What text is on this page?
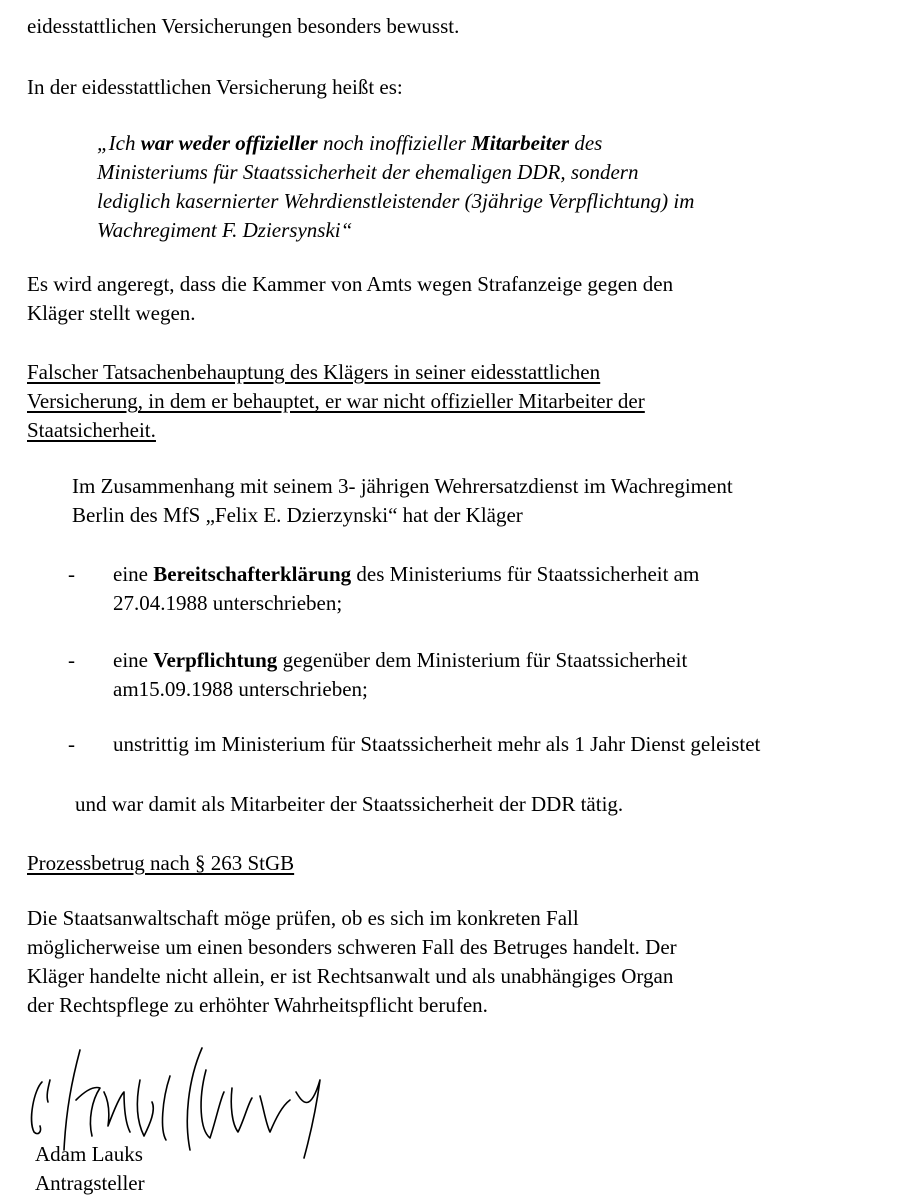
eidesstattlichen Versicherungen besonders bewusst.

In der eidesstattlichen Versicherung heißt es:

„Ich war weder offizieller noch inoffizieller Mitarbeiter des
Ministeriums für Staatssicherheit der ehemaligen DDR, sondern
lediglich kasernierter Wehrdienstleistender (3jährige Verpflichtung) im
Wachregiment F. Dziersynski“
Es wird angeregt, dass die Kammer von Amts wegen Strafanzeige gegen den
Kläger stellt wegen.
Falscher Tatsachenbehauptung des Klägers in seiner eidesstattlichen
Versicherung, in dem er behauptet, er war nicht offizieller Mitarbeiter der
Staatsicherheit.
Im Zusammenhang mit seinem 3- jährigen Wehrersatzdienst im Wachregiment
Berlin des MfS „Felix E. Dzierzynski“ hat der Kläger
- eine Bereitschafterklärung des Ministeriums für Staatssicherheit am
27.04.1988 unterschrieben;
- eine Verpflichtung gegenüber dem Ministerium für Staatssicherheit
am15.09.1988 unterschrieben;
- unstrittig im Ministerium für Staatssicherheit mehr als 1 Jahr Dienst geleistet

und war damit als Mitarbeiter der Staatssicherheit der DDR tätig.

Prozessbetrug nach § 263 StGB

Die Staatsanwaltschaft möge prüfen, ob es sich im konkreten Fall
möglicherweise um einen besonders schweren Fall des Betruges handelt. Der
Kläger handelte nicht allein, er ist Rechtsanwalt und als unabhängiges Organ
der Rechtspflege zu erhöhter Wahrheitspflicht berufen.
Adam Lauks
Antragsteller
